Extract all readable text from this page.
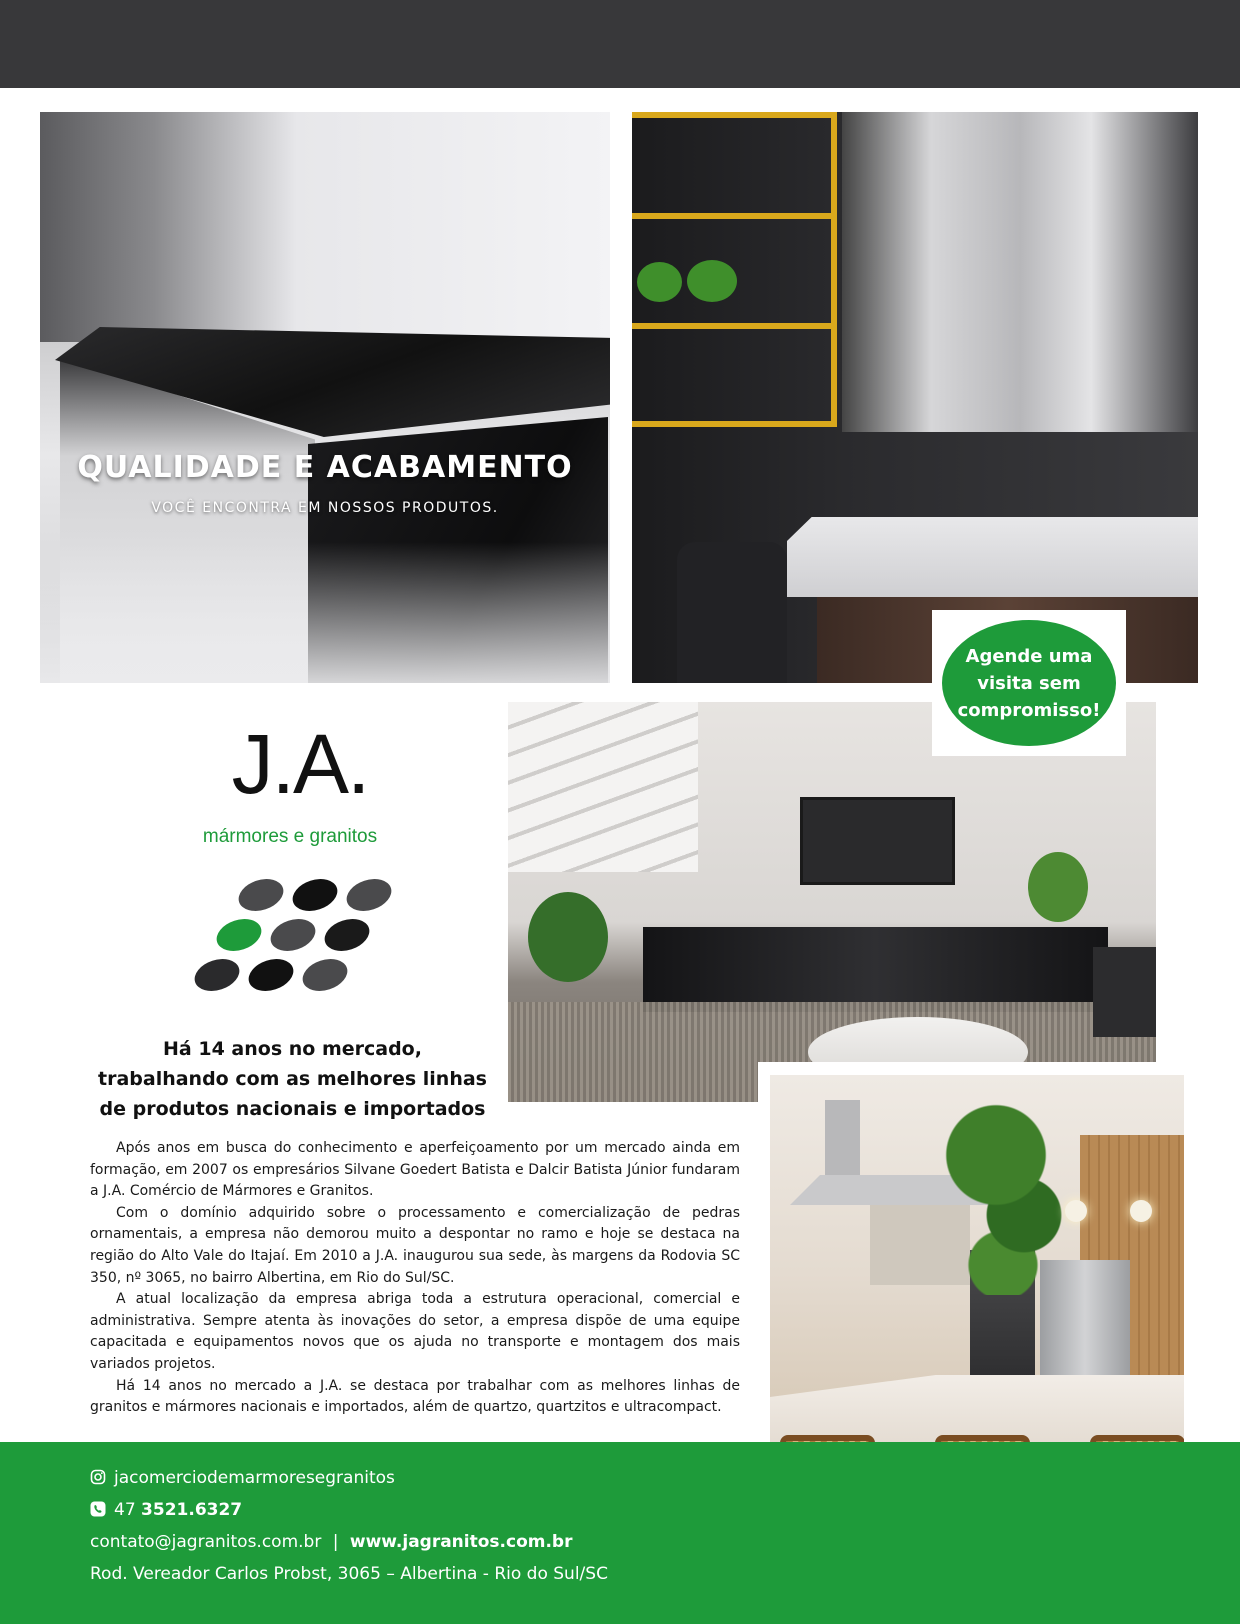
QUALIDADE E ACABAMENTO
VOCÊ ENCONTRA EM NOSSOS PRODUTOS.
Agende uma visita sem compromisso!
J.A.
mármores e granitos
Há 14 anos no mercado, trabalhando com as melhores linhas de produtos nacionais e importados

Após anos em busca do conhecimento e aperfeiçoamento por um mercado ainda em formação, em 2007 os empresários Silvane Goedert Batista e Dalcir Batista Júnior fundaram a J.A. Comércio de Mármores e Granitos.

Com o domínio adquirido sobre o processamento e comercialização de pedras ornamentais, a empresa não demorou muito a despontar no ramo e hoje se destaca na região do Alto Vale do Itajaí. Em 2010 a J.A. inaugurou sua sede, às margens da Rodovia SC 350, nº 3065, no bairro Albertina, em Rio do Sul/SC.

A atual localização da empresa abriga toda a estrutura operacional, comercial e administrativa. Sempre atenta às inovações do setor, a empresa dispõe de uma equipe capacitada e equipamentos novos que os ajuda no transporte e montagem dos mais variados projetos.

Há 14 anos no mercado a J.A. se destaca por trabalhar com as melhores linhas de granitos e mármores nacionais e importados, além de quartzo, quartzitos e ultracompact.

jacomerciodemarmoresegranitos
47 3521.6327
contato@jagranitos.com.br | www.jagranitos.com.br
Rod. Vereador Carlos Probst, 3065 – Albertina - Rio do Sul/SC
